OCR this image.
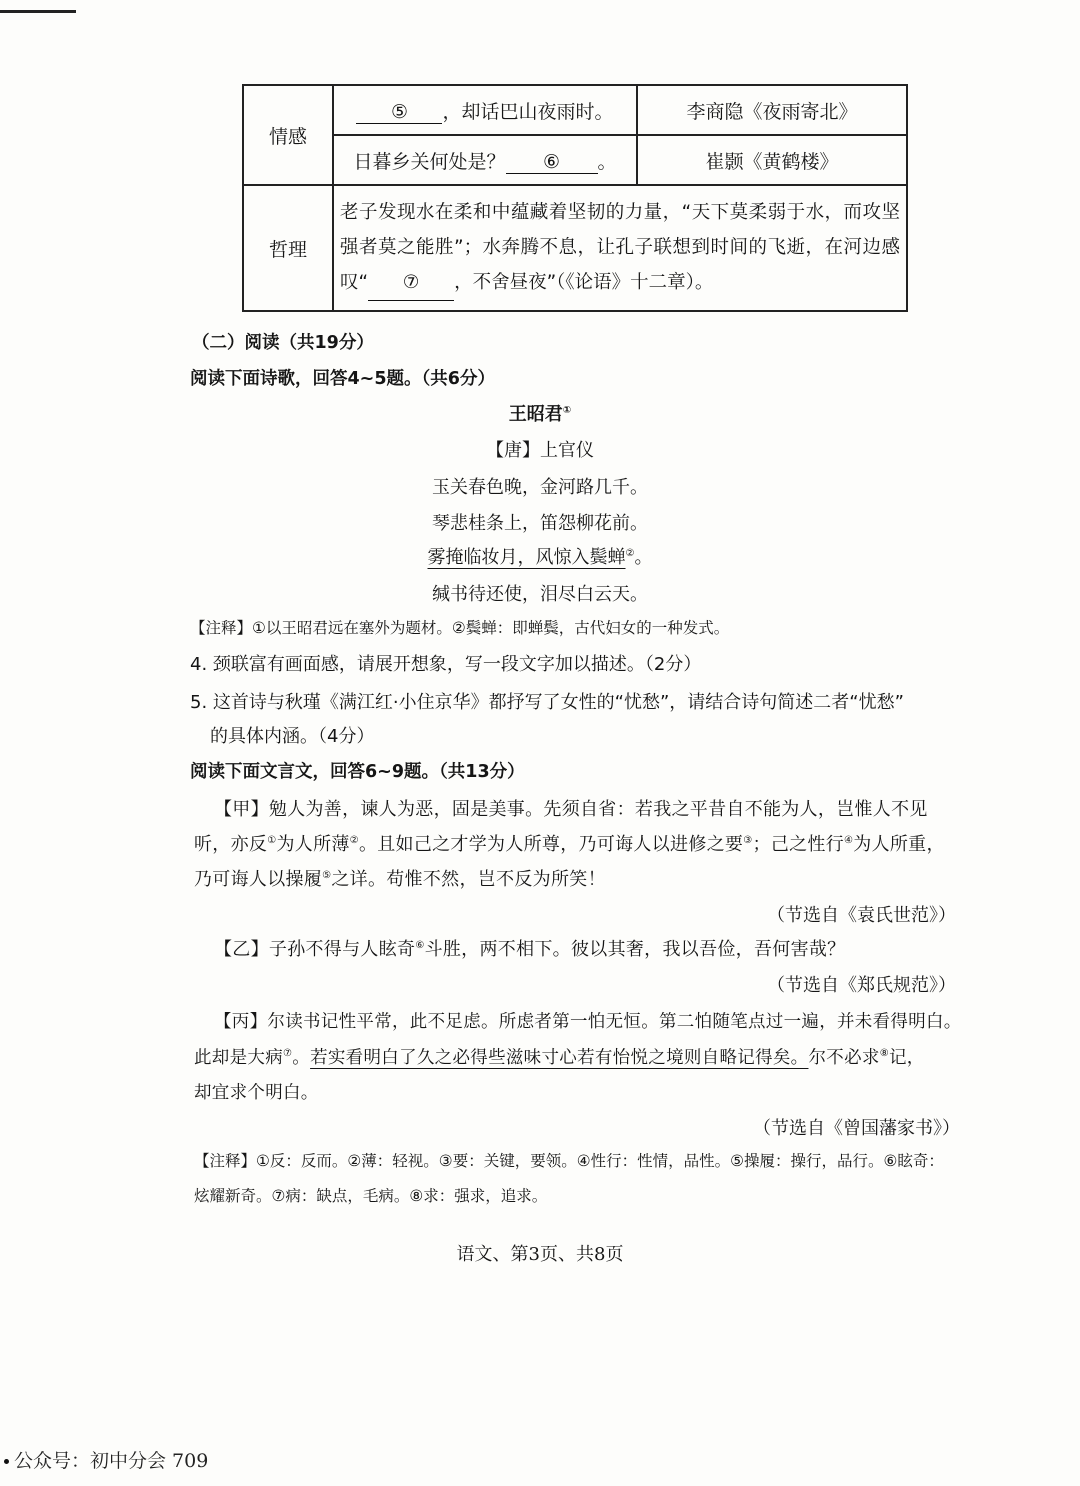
情感	⑤ ，却话巴山夜雨时。	李商隐《夜雨寄北》
	日暮乡关何处是？ ⑥ 。	崔颢《黄鹤楼》
哲理	老子发现水在柔和中蕴藏着坚韧的力量，“天下莫柔弱于水，而攻坚强者莫之能胜”；水奔腾不息，让孔子联想到时间的飞逝，在河边感叹“ ⑦ ，不舍昼夜”（《论语》十二章）。	
（二）阅读（共19分）
阅读下面诗歌，回答4~5题。（共6分）
王昭君①
【唐】上官仪
玉关春色晚，金河路几千。
琴悲桂条上，笛怨柳花前。
雾掩临妆月，风惊入鬓蝉②。
缄书待还使，泪尽白云天。
【注释】①以王昭君远在塞外为题材。②鬓蝉：即蝉鬓，古代妇女的一种发式。
4. 颈联富有画面感，请展开想象，写一段文字加以描述。（2分）
5. 这首诗与秋瑾《满江红·小住京华》都抒写了女性的“忧愁”，请结合诗句简述二者“忧愁”
的具体内涵。（4分）
阅读下面文言文，回答6~9题。（共13分）
【甲】勉人为善，谏人为恶，固是美事。先须自省：若我之平昔自不能为人，岂惟人不见
听，亦反①为人所薄②。且如己之才学为人所尊，乃可诲人以进修之要③；己之性行④为人所重，
乃可诲人以操履⑤之详。苟惟不然，岂不反为所笑！
（节选自《袁氏世范》）
【乙】子孙不得与人眩奇⑥斗胜，两不相下。彼以其奢，我以吾俭，吾何害哉？
（节选自《郑氏规范》）
【丙】尔读书记性平常，此不足虑。所虑者第一怕无恒。第二怕随笔点过一遍，并未看得明白。
此却是大病⑦。若实看明白了久之必得些滋味寸心若有怡悦之境则自略记得矣。尔不必求⑧记，
却宜求个明白。
（节选自《曾国藩家书》）
【注释】①反：反而。②薄：轻视。③要：关键，要领。④性行：性情，品性。⑤操履：操行，品行。⑥眩奇：
炫耀新奇。⑦病：缺点，毛病。⑧求：强求，追求。
语文、第3页、共8页
公众号：初中分会 709
